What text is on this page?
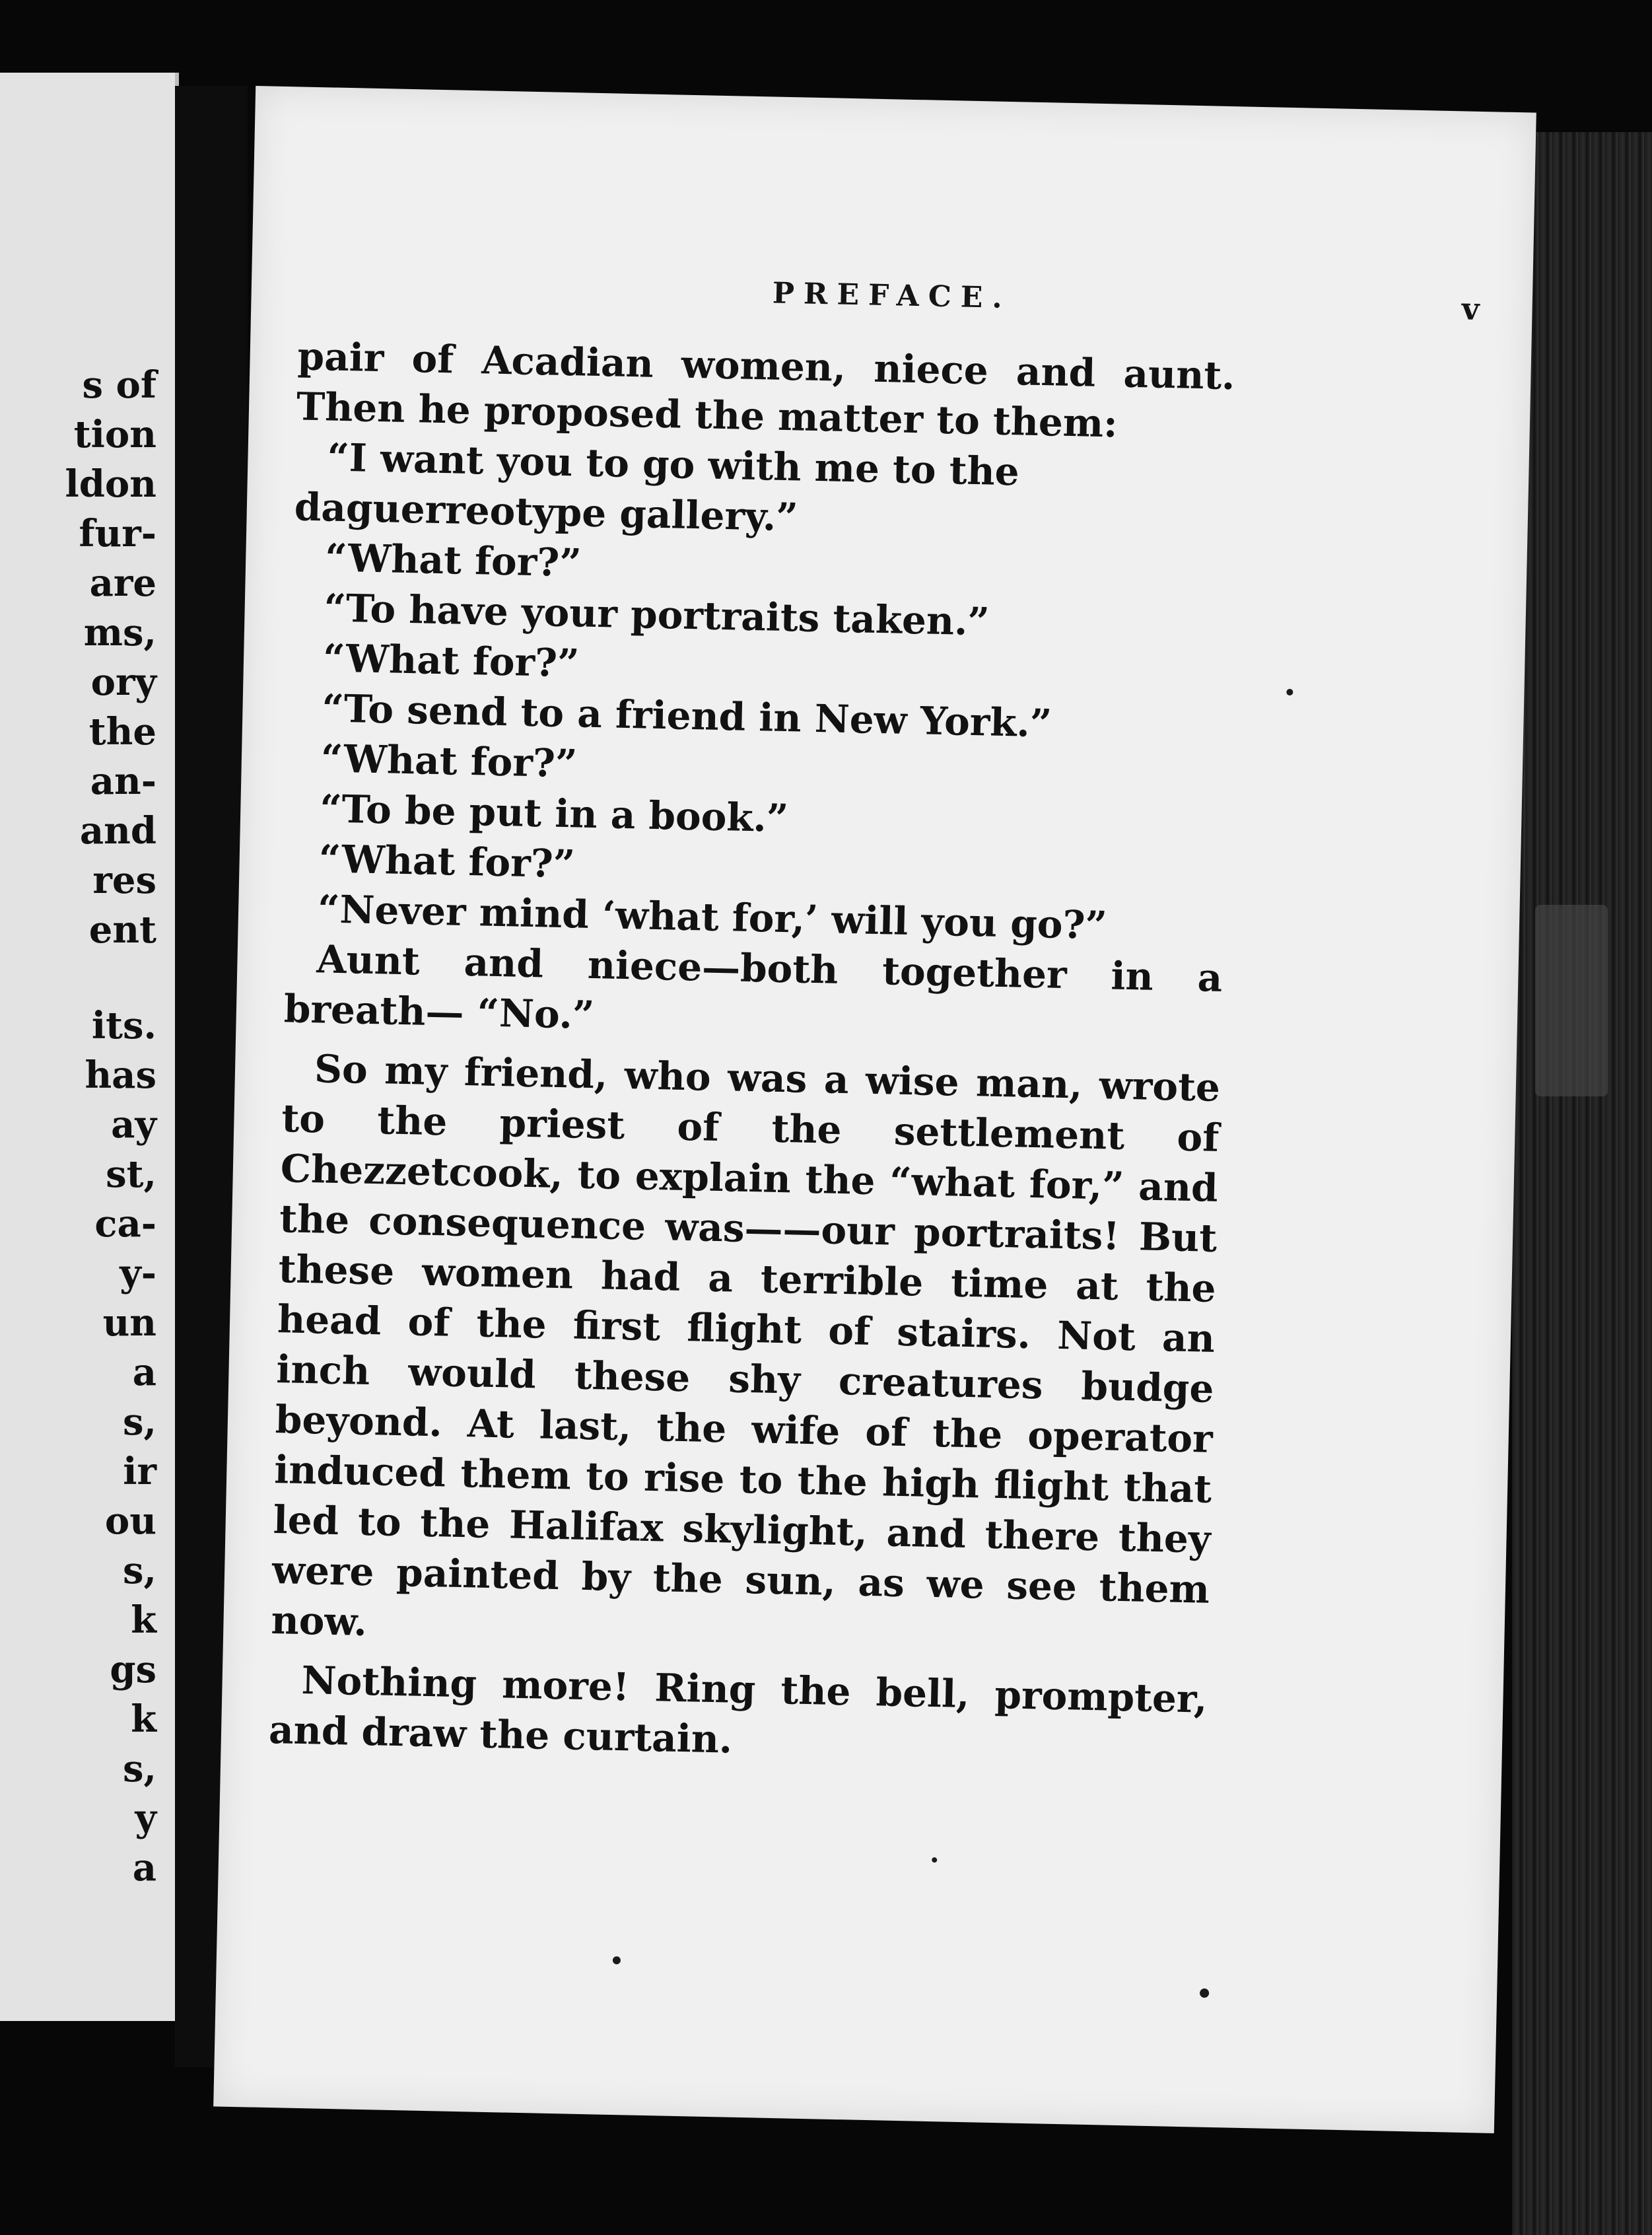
s of
tion
ldon
fur-
are
ms,
ory
the
an-
and
res
ent
its.
has
ay
st,
ca-
y-
un
a
s,
ir
ou
s,
k
gs
k
s,
y
a
PREFACE.	v

pair of Acadian women, niece and aunt. Then he proposed the matter to them:

“I want you to go with me to the daguerreotype gallery.”

“What for?”

“To have your portraits taken.”

“What for?”

“To send to a friend in New York.”

“What for?”

“To be put in a book.”

“What for?”

“Never mind ‘what for,’ will you go?”

Aunt and niece—both together in a breath— “No.”

So my friend, who was a wise man, wrote to the priest of the settlement of Chezzetcook, to explain the “what for,” and the consequence was——our portraits! But these women had a terrible time at the head of the first flight of stairs. Not an inch would these shy creatures budge beyond. At last, the wife of the operator induced them to rise to the high flight that led to the Halifax skylight, and there they were painted by the sun, as we see them now.

Nothing more! Ring the bell, prompter, and draw the curtain.
